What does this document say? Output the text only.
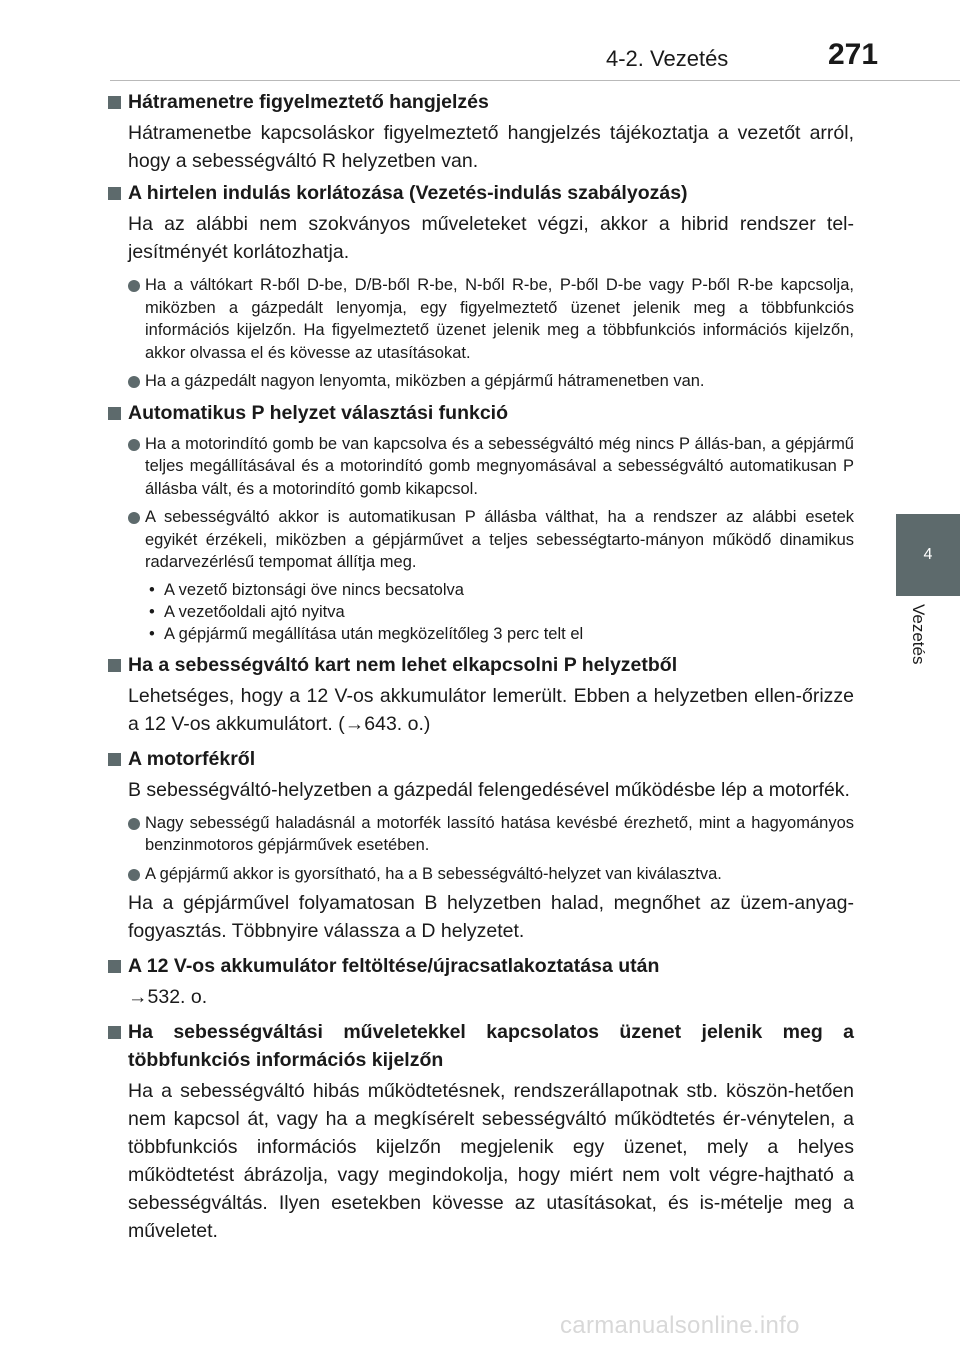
4-2. Vezetés	271
4
Vezetés
Hátramenetre figyelmeztető hangjelzés
Hátramenetbe kapcsoláskor figyelmeztető hangjelzés tájékoztatja a vezetőt arról, hogy a sebességváltó R helyzetben van.
A hirtelen indulás korlátozása (Vezetés-indulás szabályozás)
Ha az alábbi nem szokványos műveleteket végzi, akkor a hibrid rendszer tel-jesítményét korlátozhatja.
Ha a váltókart R-ből D-be, D/B-ből R-be, N-ből R-be, P-ből D-be vagy P-ből R-be kapcsolja, miközben a gázpedált lenyomja, egy figyelmeztető üzenet jelenik meg a többfunkciós információs kijelzőn. Ha figyelmeztető üzenet jelenik meg a többfunkciós információs kijelzőn, akkor olvassa el és kövesse az utasításokat.
Ha a gázpedált nagyon lenyomta, miközben a gépjármű hátramenetben van.
Automatikus P helyzet választási funkció
Ha a motorindító gomb be van kapcsolva és a sebességváltó még nincs P állás-ban, a gépjármű teljes megállításával és a motorindító gomb megnyomásával a sebességváltó automatikusan P állásba vált, és a motorindító gomb kikapcsol.
A sebességváltó akkor is automatikusan P állásba válthat, ha a rendszer az alábbi esetek egyikét érzékeli, miközben a gépjárművet a teljes sebességtarto-mányon működő dinamikus radarvezérlésű tempomat állítja meg.
• A vezető biztonsági öve nincs becsatolva
• A vezetőoldali ajtó nyitva
• A gépjármű megállítása után megközelítőleg 3 perc telt el
Ha a sebességváltó kart nem lehet elkapcsolni P helyzetből
Lehetséges, hogy a 12 V-os akkumulátor lemerült. Ebben a helyzetben ellen-őrizze a 12 V-os akkumulátort. (→643. o.)
A motorfékről
B sebességváltó-helyzetben a gázpedál felengedésével működésbe lép a motorfék.
Nagy sebességű haladásnál a motorfék lassító hatása kevésbé érezhető, mint a hagyományos benzinmotoros gépjárművek esetében.
A gépjármű akkor is gyorsítható, ha a B sebességváltó-helyzet van kiválasztva.
Ha a gépjárművel folyamatosan B helyzetben halad, megnőhet az üzem-anyag-fogyasztás. Többnyire válassza a D helyzetet.
A 12 V-os akkumulátor feltöltése/újracsatlakoztatása után
→532. o.
Ha sebességváltási műveletekkel kapcsolatos üzenet jelenik meg a többfunkciós információs kijelzőn
Ha a sebességváltó hibás működtetésnek, rendszerállapotnak stb. köszön-hetően nem kapcsol át, vagy ha a megkísérelt sebességváltó működtetés ér-vénytelen, a többfunkciós információs kijelzőn megjelenik egy üzenet, mely a helyes működtetést ábrázolja, vagy megindokolja, hogy miért nem volt végre-hajtható a sebességváltás. Ilyen esetekben kövesse az utasításokat, és is-mételje meg a műveletet.
carmanualsonline.info
